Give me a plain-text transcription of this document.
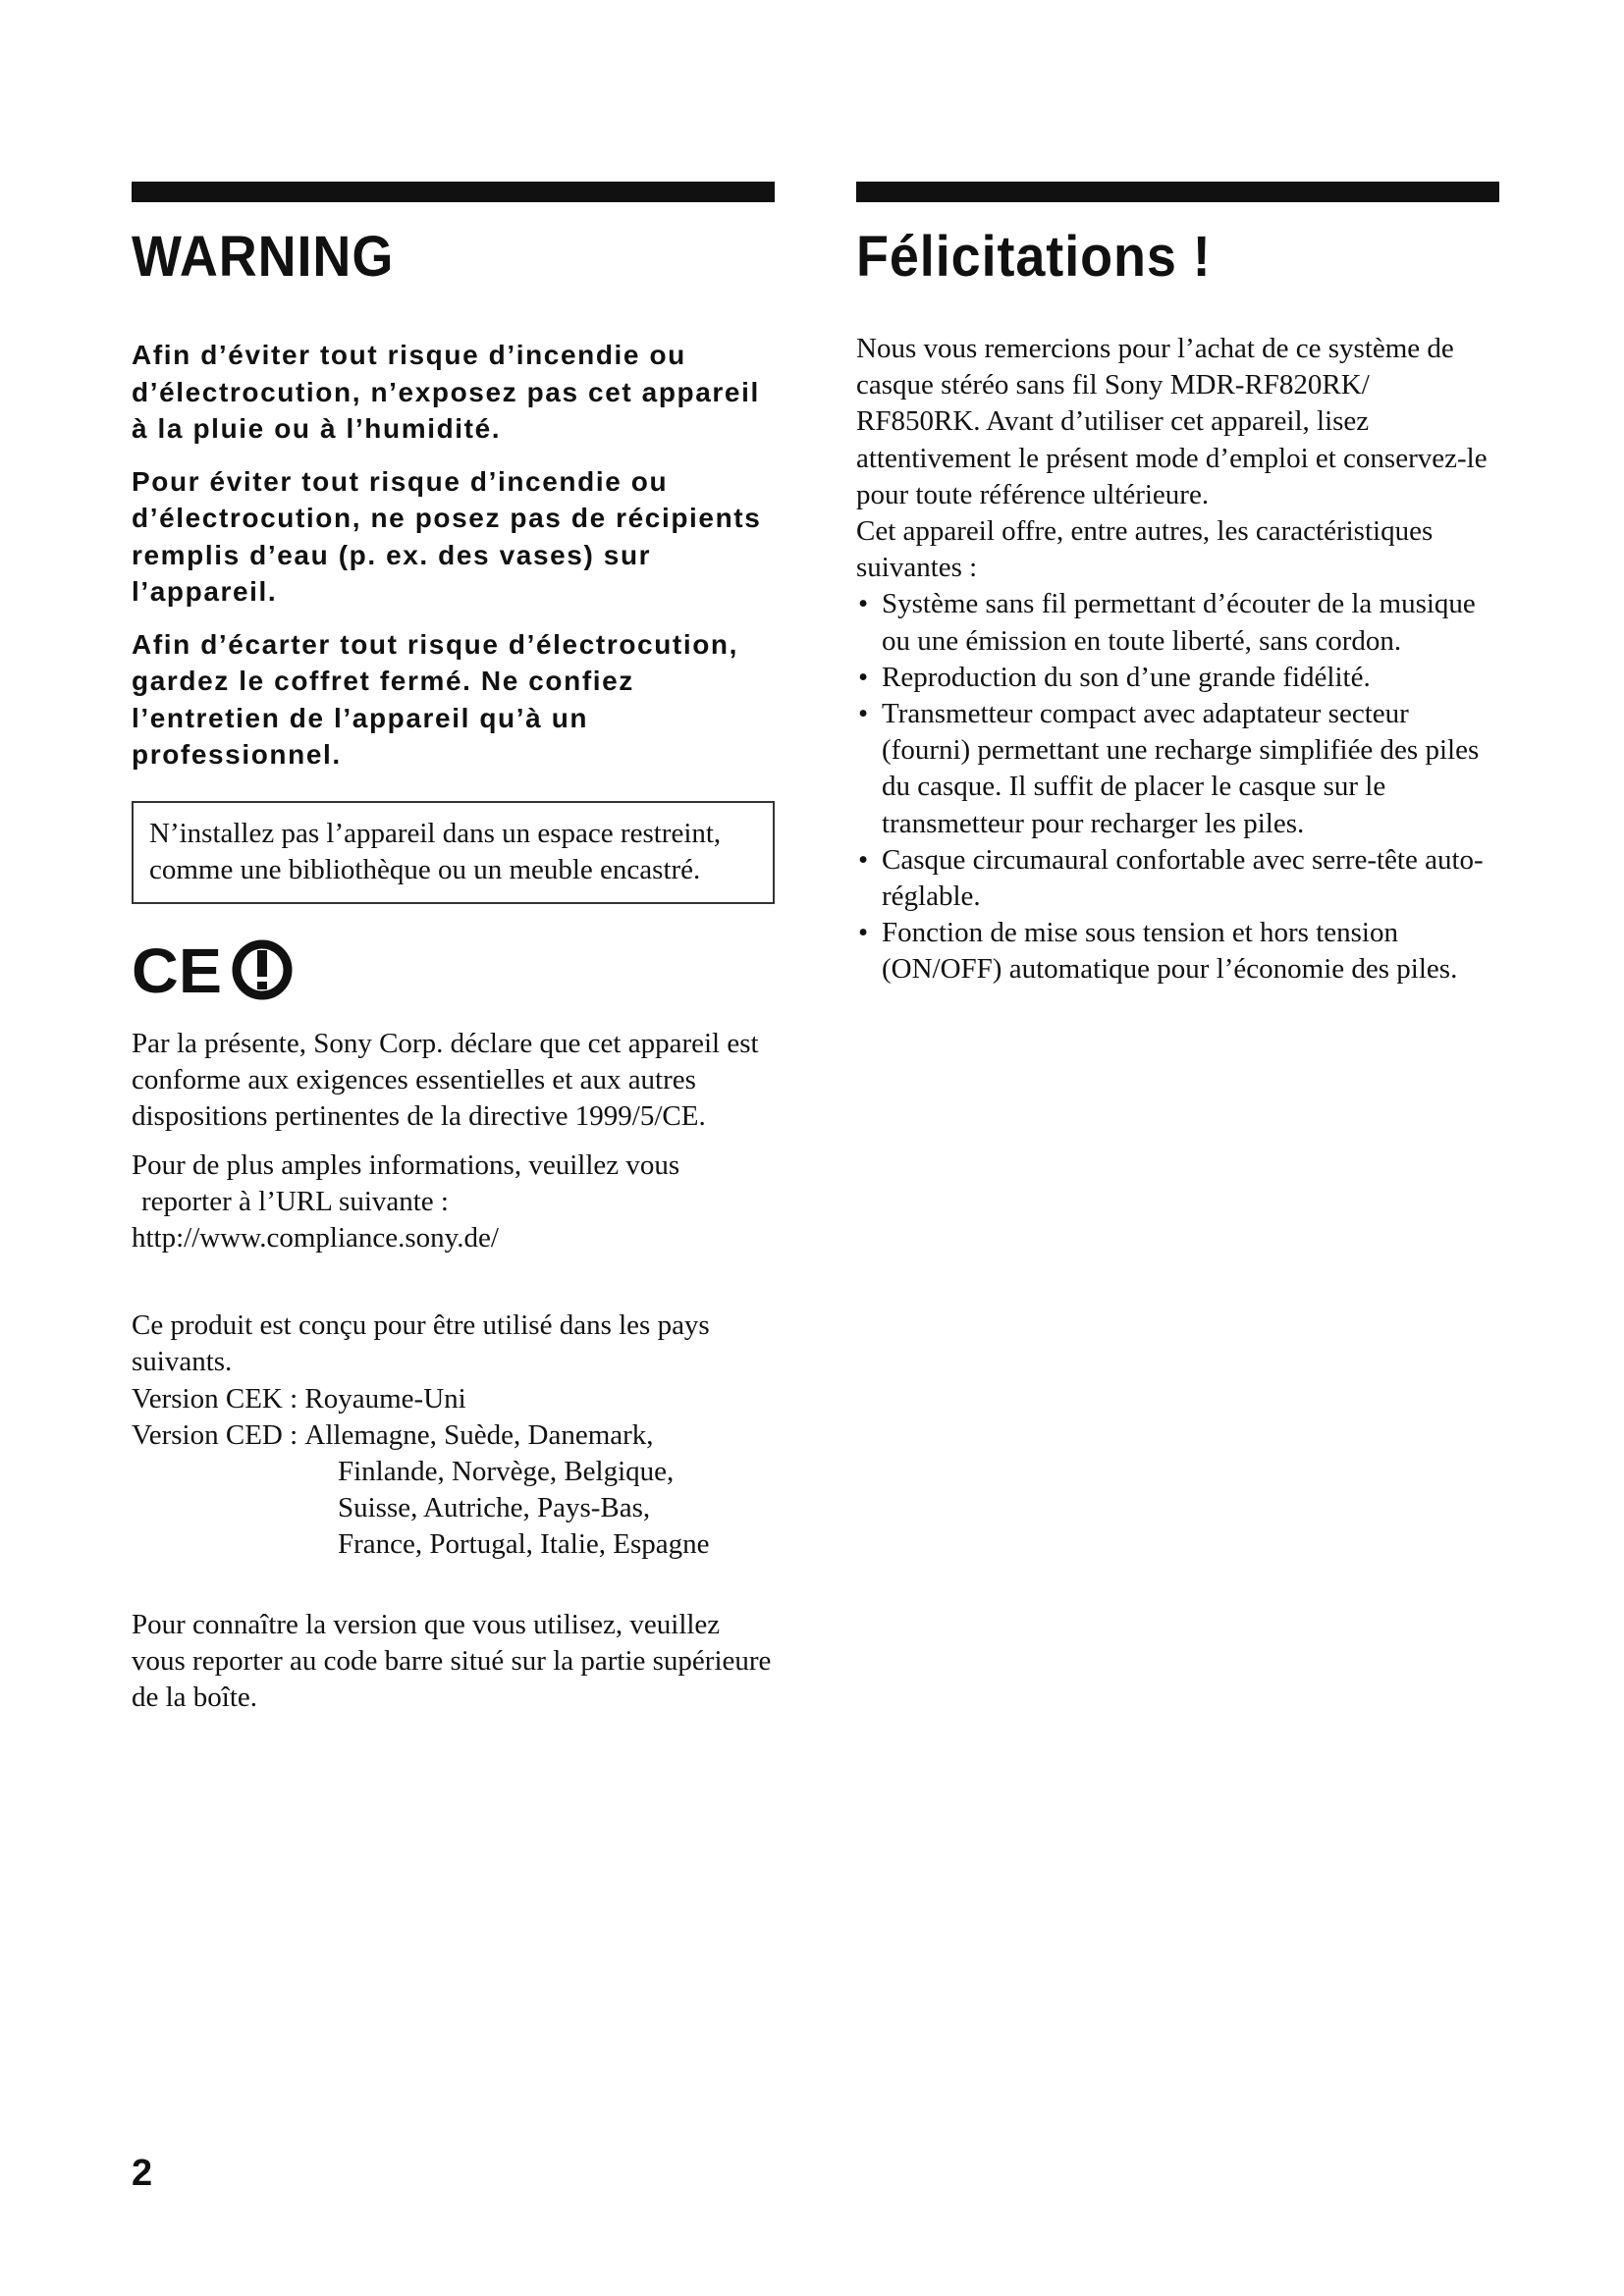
WARNING

Afin d’éviter tout risque d’incendie ou d’électrocution, n’exposez pas cet appareil à la pluie ou à l’humidité.

Pour éviter tout risque d’incendie ou d’électrocution, ne posez pas de récipients remplis d’eau (p. ex. des vases) sur l’appareil.

Afin d’écarter tout risque d’électrocution, gardez le coffret fermé. Ne confiez l’entretien de l’appareil qu’à un professionnel.

N’installez pas l’appareil dans un espace restreint, comme une bibliothèque ou un meuble encastré.

CE

Par la présente, Sony Corp. déclare que cet appareil est conforme aux exigences essentielles et aux autres dispositions pertinentes de la directive 1999/5/CE.

Pour de plus amples informations, veuillez vous
reporter à l’URL suivante :
http://www.compliance.sony.de/

Ce produit est conçu pour être utilisé dans les pays suivants.

Version CEK : Royaume-Uni

Version CED :
Allemagne, Suède, Danemark,
Finlande, Norvège, Belgique,
Suisse, Autriche, Pays-Bas,
France, Portugal, Italie, Espagne

Pour connaître la version que vous utilisez, veuillez vous reporter au code barre situé sur la partie supérieure de la boîte.

Félicitations !

Nous vous remercions pour l’achat de ce système de casque stéréo sans fil Sony MDR-RF820RK/ RF850RK. Avant d’utiliser cet appareil, lisez attentivement le présent mode d’emploi et conservez-le pour toute référence ultérieure.

Cet appareil offre, entre autres, les caractéristiques suivantes :

• Système sans fil permettant d’écouter de la musique ou une émission en toute liberté, sans cordon.
• Reproduction du son d’une grande fidélité.
• Transmetteur compact avec adaptateur secteur (fourni) permettant une recharge simplifiée des piles du casque. Il suffit de placer le casque sur le transmetteur pour recharger les piles.
• Casque circumaural confortable avec serre-tête auto-réglable.
• Fonction de mise sous tension et hors tension (ON/OFF) automatique pour l’économie des piles.
2
